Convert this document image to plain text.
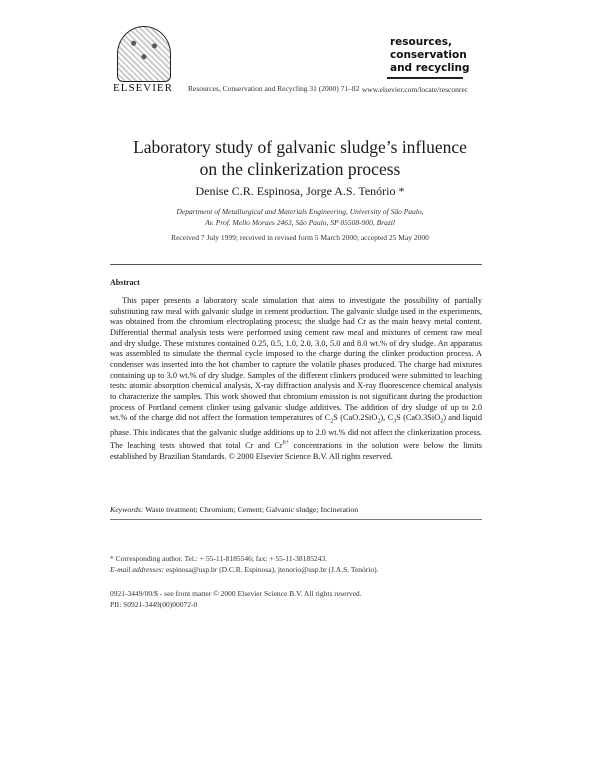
ELSEVIER	Resources, Conservation and Recycling 31 (2000) 71–82
resources,
conservation
and recycling
www.elsevier.com/locate/resconrec
Laboratory study of galvanic sludge’s influence
on the clinkerization process
Denise C.R. Espinosa, Jorge A.S. Tenório *
Department of Metallurgical and Materials Engineering, University of São Paulo,
Av. Prof. Mello Moraes 2463, São Paulo, SP 05508-900, Brazil
Received 7 July 1999; received in revised form 5 March 2000; accepted 25 May 2000
Abstract
This paper presents a laboratory scale simulation that aims to investigate the possibility of partially substituting raw meal with galvanic sludge in cement production. The galvanic sludge used in the experiments, was obtained from the chromium electroplating process; the sludge had Cr as the main heavy metal content. Differential thermal analysis tests were performed using cement raw meal and mixtures of cement raw meal and dry sludge. These mixtures contained 0.25, 0.5, 1.0, 2.0, 3.0, 5.0 and 8.0 wt.% of dry sludge. An apparatus was assembled to simulate the thermal cycle imposed to the charge during the clinker production process. A condenser was inserted into the hot chamber to capture the volatile phases produced. The charge had mixtures containing up to 3.0 wt.% of dry sludge. Samples of the different clinkers produced were submitted to leaching tests: atomic absorption chemical analysis, X-ray diffraction analysis and X-ray fluorescence chemical analysis to characterize the samples. This work showed that chromium emission is not significant during the production process of Portland cement clinker using galvanic sludge additives. The addition of dry sludge of up to 2.0 wt.% of the charge did not affect the formation temperatures of $C_2S$ (CaO.2SiO$_2$), $C_3S$ (CaO.3SiO$_2$) and liquid phase. This indicates that the galvanic sludge additions up to 2.0 wt.% did not affect the clinkerization process. The leaching tests showed that total Cr and $Cr^{6+}$ concentrations in the solution were below the limits established by Brazilian Standards. © 2000 Elsevier Science B.V. All rights reserved.
Keywords: Waste treatment; Chromium; Cement; Galvanic sludge; Incineration
* Corresponding author. Tel.: + 55-11-8185546; fax: + 55-11-38185243.
E-mail addresses: espinosa@usp.br (D.C.R. Espinosa), jtenorio@usp.br (J.A.S. Tenório).
0921-3449/00/$ - see front matter © 2000 Elsevier Science B.V. All rights reserved.
PII: S0921-3449(00)00072-0
